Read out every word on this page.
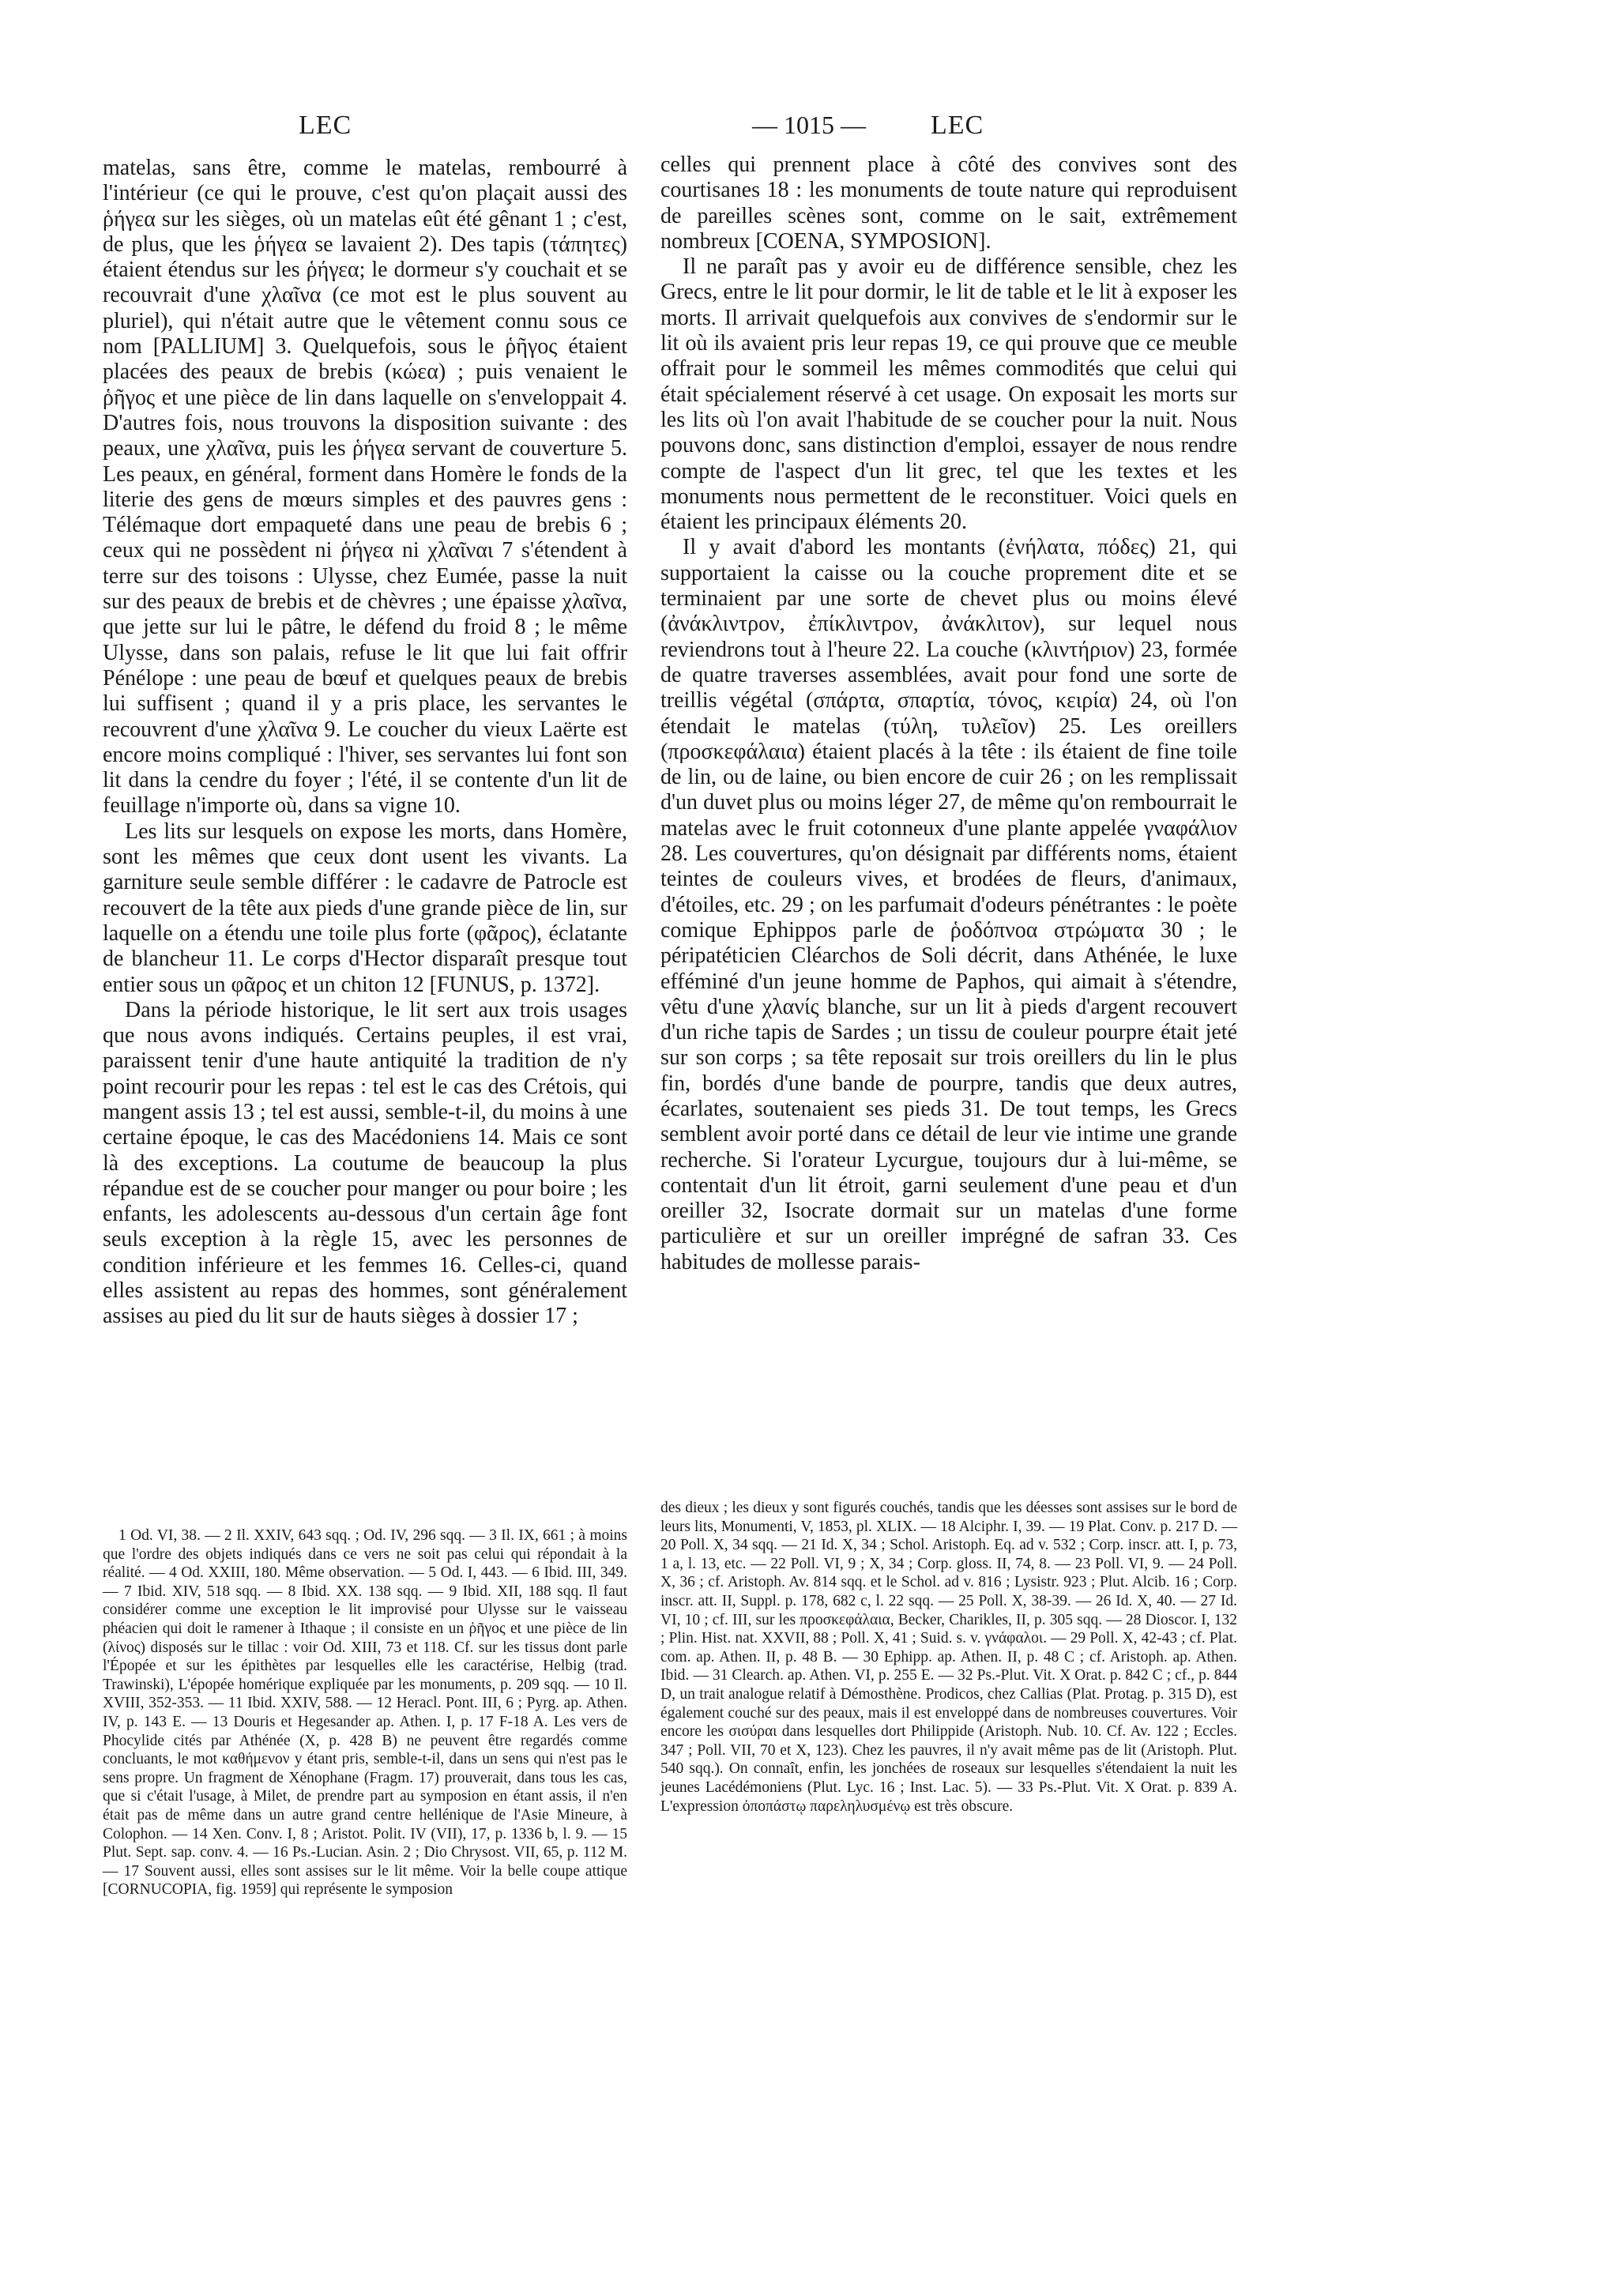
— 1015 —
LEC	LEC

matelas, sans être, comme le matelas, rembourré à l'intérieur (ce qui le prouve, c'est qu'on plaçait aussi des ῥήγεα sur les sièges, où un matelas eût été gênant 1 ; c'est, de plus, que les ῥήγεα se lavaient 2). Des tapis (τάπητες) étaient étendus sur les ῥήγεα; le dormeur s'y couchait et se recouvrait d'une χλαῖνα (ce mot est le plus souvent au pluriel), qui n'était autre que le vêtement connu sous ce nom [PALLIUM] 3. Quelquefois, sous le ῥῆγος étaient placées des peaux de brebis (κώεα) ; puis venaient le ῥῆγος et une pièce de lin dans laquelle on s'enveloppait 4. D'autres fois, nous trouvons la disposition suivante : des peaux, une χλαῖνα, puis les ῥήγεα servant de couverture 5. Les peaux, en général, forment dans Homère le fonds de la literie des gens de mœurs simples et des pauvres gens : Télémaque dort empaqueté dans une peau de brebis 6 ; ceux qui ne possèdent ni ῥήγεα ni χλαῖναι 7 s'étendent à terre sur des toisons : Ulysse, chez Eumée, passe la nuit sur des peaux de brebis et de chèvres ; une épaisse χλαῖνα, que jette sur lui le pâtre, le défend du froid 8 ; le même Ulysse, dans son palais, refuse le lit que lui fait offrir Pénélope : une peau de bœuf et quelques peaux de brebis lui suffisent ; quand il y a pris place, les servantes le recouvrent d'une χλαῖνα 9. Le coucher du vieux Laërte est encore moins compliqué : l'hiver, ses servantes lui font son lit dans la cendre du foyer ; l'été, il se contente d'un lit de feuillage n'importe où, dans sa vigne 10.

Les lits sur lesquels on expose les morts, dans Homère, sont les mêmes que ceux dont usent les vivants. La garniture seule semble différer : le cadavre de Patrocle est recouvert de la tête aux pieds d'une grande pièce de lin, sur laquelle on a étendu une toile plus forte (φᾶρος), éclatante de blancheur 11. Le corps d'Hector disparaît presque tout entier sous un φᾶρος et un chiton 12 [FUNUS, p. 1372].

Dans la période historique, le lit sert aux trois usages que nous avons indiqués. Certains peuples, il est vrai, paraissent tenir d'une haute antiquité la tradition de n'y point recourir pour les repas : tel est le cas des Crétois, qui mangent assis 13 ; tel est aussi, semble-t-il, du moins à une certaine époque, le cas des Macédoniens 14. Mais ce sont là des exceptions. La coutume de beaucoup la plus répandue est de se coucher pour manger ou pour boire ; les enfants, les adolescents au-dessous d'un certain âge font seuls exception à la règle 15, avec les personnes de condition inférieure et les femmes 16. Celles-ci, quand elles assistent au repas des hommes, sont généralement assises au pied du lit sur de hauts sièges à dossier 17 ;

celles qui prennent place à côté des convives sont des courtisanes 18 : les monuments de toute nature qui reproduisent de pareilles scènes sont, comme on le sait, extrêmement nombreux [COENA, SYMPOSION].

Il ne paraît pas y avoir eu de différence sensible, chez les Grecs, entre le lit pour dormir, le lit de table et le lit à exposer les morts. Il arrivait quelquefois aux convives de s'endormir sur le lit où ils avaient pris leur repas 19, ce qui prouve que ce meuble offrait pour le sommeil les mêmes commodités que celui qui était spécialement réservé à cet usage. On exposait les morts sur les lits où l'on avait l'habitude de se coucher pour la nuit. Nous pouvons donc, sans distinction d'emploi, essayer de nous rendre compte de l'aspect d'un lit grec, tel que les textes et les monuments nous permettent de le reconstituer. Voici quels en étaient les principaux éléments 20.

Il y avait d'abord les montants (ἐνήλατα, πόδες) 21, qui supportaient la caisse ou la couche proprement dite et se terminaient par une sorte de chevet plus ou moins élevé (ἀνάκλιντρον, ἐπίκλιντρον, ἀνάκλιτον), sur lequel nous reviendrons tout à l'heure 22. La couche (κλιντήριον) 23, formée de quatre traverses assemblées, avait pour fond une sorte de treillis végétal (σπάρτα, σπαρτία, τόνος, κειρία) 24, où l'on étendait le matelas (τύλη, τυλεῖον) 25. Les oreillers (προσκεφάλαια) étaient placés à la tête : ils étaient de fine toile de lin, ou de laine, ou bien encore de cuir 26 ; on les remplissait d'un duvet plus ou moins léger 27, de même qu'on rembourrait le matelas avec le fruit cotonneux d'une plante appelée γναφάλιον 28. Les couvertures, qu'on désignait par différents noms, étaient teintes de couleurs vives, et brodées de fleurs, d'animaux, d'étoiles, etc. 29 ; on les parfumait d'odeurs pénétrantes : le poète comique Ephippos parle de ῥοδόπνοα στρώματα 30 ; le péripatéticien Cléarchos de Soli décrit, dans Athénée, le luxe efféminé d'un jeune homme de Paphos, qui aimait à s'étendre, vêtu d'une χλανίς blanche, sur un lit à pieds d'argent recouvert d'un riche tapis de Sardes ; un tissu de couleur pourpre était jeté sur son corps ; sa tête reposait sur trois oreillers du lin le plus fin, bordés d'une bande de pourpre, tandis que deux autres, écarlates, soutenaient ses pieds 31. De tout temps, les Grecs semblent avoir porté dans ce détail de leur vie intime une grande recherche. Si l'orateur Lycurgue, toujours dur à lui-même, se contentait d'un lit étroit, garni seulement d'une peau et d'un oreiller 32, Isocrate dormait sur un matelas d'une forme particulière et sur un oreiller imprégné de safran 33. Ces habitudes de mollesse parais-

1 Od. VI, 38. — 2 Il. XXIV, 643 sqq. ; Od. IV, 296 sqq. — 3 Il. IX, 661 ; à moins que l'ordre des objets indiqués dans ce vers ne soit pas celui qui répondait à la réalité. — 4 Od. XXIII, 180. Même observation. — 5 Od. I, 443. — 6 Ibid. III, 349. — 7 Ibid. XIV, 518 sqq. — 8 Ibid. XX. 138 sqq. — 9 Ibid. XII, 188 sqq. Il faut considérer comme une exception le lit improvisé pour Ulysse sur le vaisseau phéacien qui doit le ramener à Ithaque ; il consiste en un ῥῆγος et une pièce de lin (λίνος) disposés sur le tillac : voir Od. XIII, 73 et 118. Cf. sur les tissus dont parle l'Épopée et sur les épithètes par lesquelles elle les caractérise, Helbig (trad. Trawinski), L'épopée homérique expliquée par les monuments, p. 209 sqq. — 10 Il. XVIII, 352-353. — 11 Ibid. XXIV, 588. — 12 Heracl. Pont. III, 6 ; Pyrg. ap. Athen. IV, p. 143 E. — 13 Douris et Hegesander ap. Athen. I, p. 17 F-18 A. Les vers de Phocylide cités par Athénée (X, p. 428 B) ne peuvent être regardés comme concluants, le mot καθήμενον y étant pris, semble-t-il, dans un sens qui n'est pas le sens propre. Un fragment de Xénophane (Fragm. 17) prouverait, dans tous les cas, que si c'était l'usage, à Milet, de prendre part au symposion en étant assis, il n'en était pas de même dans un autre grand centre hellénique de l'Asie Mineure, à Colophon. — 14 Xen. Conv. I, 8 ; Aristot. Polit. IV (VII), 17, p. 1336 b, l. 9. — 15 Plut. Sept. sap. conv. 4. — 16 Ps.-Lucian. Asin. 2 ; Dio Chrysost. VII, 65, p. 112 M. — 17 Souvent aussi, elles sont assises sur le lit même. Voir la belle coupe attique [CORNUCOPIA, fig. 1959] qui représente le symposion

des dieux ; les dieux y sont figurés couchés, tandis que les déesses sont assises sur le bord de leurs lits, Monumenti, V, 1853, pl. XLIX. — 18 Alciphr. I, 39. — 19 Plat. Conv. p. 217 D. — 20 Poll. X, 34 sqq. — 21 Id. X, 34 ; Schol. Aristoph. Eq. ad v. 532 ; Corp. inscr. att. I, p. 73, 1 a, l. 13, etc. — 22 Poll. VI, 9 ; X, 34 ; Corp. gloss. II, 74, 8. — 23 Poll. VI, 9. — 24 Poll. X, 36 ; cf. Aristoph. Av. 814 sqq. et le Schol. ad v. 816 ; Lysistr. 923 ; Plut. Alcib. 16 ; Corp. inscr. att. II, Suppl. p. 178, 682 c, l. 22 sqq. — 25 Poll. X, 38-39. — 26 Id. X, 40. — 27 Id. VI, 10 ; cf. III, sur les προσκεφάλαια, Becker, Charikles, II, p. 305 sqq. — 28 Dioscor. I, 132 ; Plin. Hist. nat. XXVII, 88 ; Poll. X, 41 ; Suid. s. v. γνάφαλοι. — 29 Poll. X, 42-43 ; cf. Plat. com. ap. Athen. II, p. 48 B. — 30 Ephipp. ap. Athen. II, p. 48 C ; cf. Aristoph. ap. Athen. Ibid. — 31 Clearch. ap. Athen. VI, p. 255 E. — 32 Ps.-Plut. Vit. X Orat. p. 842 C ; cf., p. 844 D, un trait analogue relatif à Démosthène. Prodicos, chez Callias (Plat. Protag. p. 315 D), est également couché sur des peaux, mais il est enveloppé dans de nombreuses couvertures. Voir encore les σισύραι dans lesquelles dort Philippide (Aristoph. Nub. 10. Cf. Av. 122 ; Eccles. 347 ; Poll. VII, 70 et X, 123). Chez les pauvres, il n'y avait même pas de lit (Aristoph. Plut. 540 sqq.). On connaît, enfin, les jonchées de roseaux sur lesquelles s'étendaient la nuit les jeunes Lacédémoniens (Plut. Lyc. 16 ; Inst. Lac. 5). — 33 Ps.-Plut. Vit. X Orat. p. 839 A. L'expression ὀποπάστῳ παρεληλυσμένῳ est très obscure.
